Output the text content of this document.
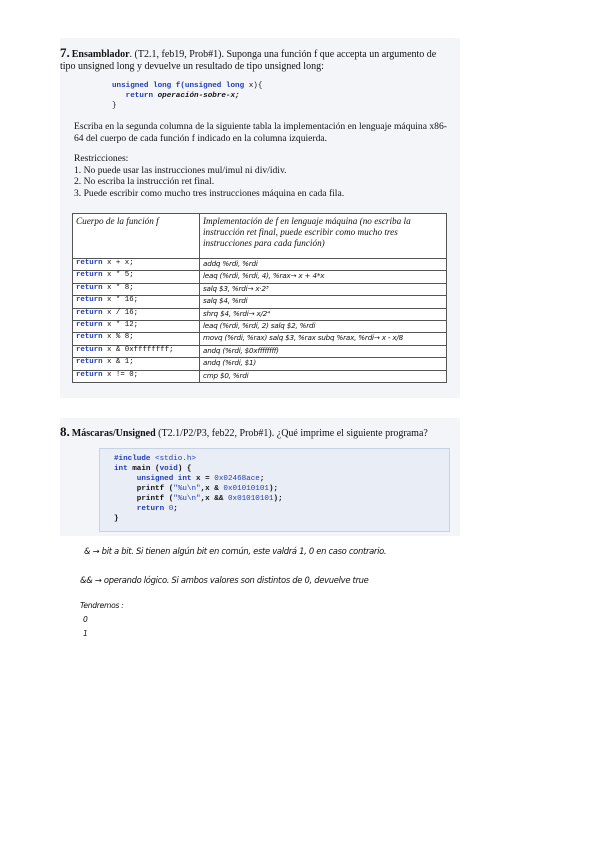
7. Ensamblador. (T2.1, feb19, Prob#1). Suponga una función f que accepta un argumento de tipo unsigned long y devuelve un resultado de tipo unsigned long:
unsigned long f(unsigned long x){
return operación-sobre-x;
}
Escriba en la segunda columna de la siguiente tabla la implementación en lenguaje máquina x86-64 del cuerpo de cada función f indicado en la columna izquierda.
Restricciones:
1. No puede usar las instrucciones mul/imul ni div/idiv.
2. No escriba la instrucción ret final.
3. Puede escribir como mucho tres instrucciones máquina en cada fila.
Cuerpo de la función f	Implementación de f en lenguaje máquina (no escriba la instrucción ret final, puede escribir como mucho tres instrucciones para cada función)
return x + x;	addq %rdi, %rdi
return x * 5;	leaq (%rdi, %rdi, 4), %rax→ x + 4*x
return x * 8;	salq $3, %rdi→ x·2³
return x * 16;	salq $4, %rdi
return x / 16;	shrq $4, %rdi→ x/2⁴
return x * 12;	leaq (%rdi, %rdi, 2) salq $2, %rdi
return x % 8;	movq (%rdi, %rax) salq $3, %rax subq %rax, %rdi→ x - x/8
return x & 0xffffffff;	andq (%rdi, $0xffffffff)
return x & 1;	andq (%rdi, $1)
return x != 0;	cmp $0, %rdi
8. Máscaras/Unsigned (T2.1/P2/P3, feb22, Prob#1). ¿Qué imprime el siguiente programa?
#include <stdio.h>
int main (void) {
unsigned int x = 0x02468ace;
printf ("%u\n",x & 0x01010101);
printf ("%u\n",x && 0x01010101);
return 0;
}
& → bit a bit. Si tienen algún bit en común, este valdrá 1, 0 en caso contrario.
&& → operando lógico. Si ambos valores son distintos de 0, devuelve true
Tendremos :
0
1
